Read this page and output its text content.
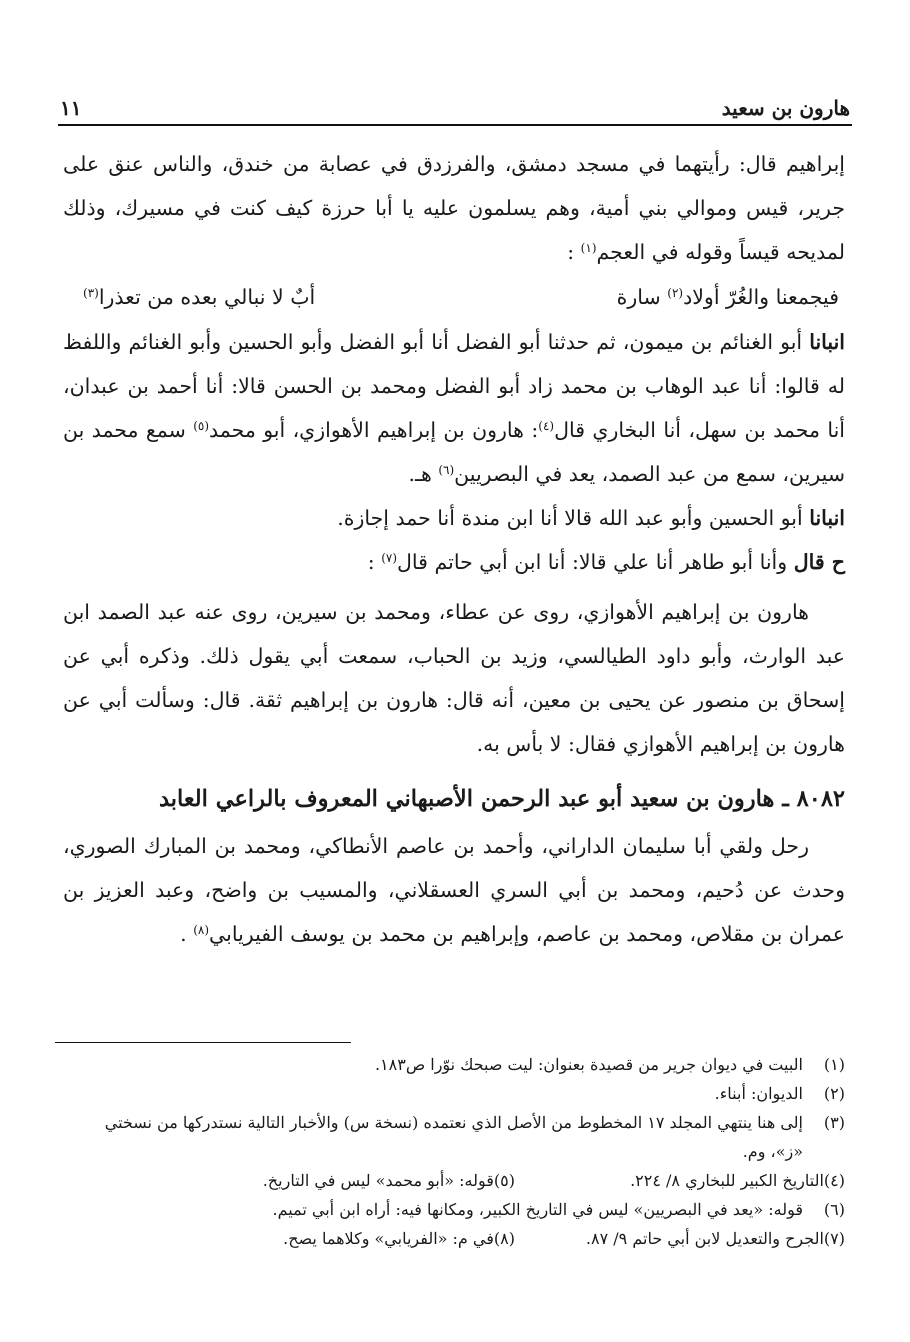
هارون بن سعيد
١١

إبراهيم قال: رأيتهما في مسجد دمشق، والفرزدق في عصابة من خندق، والناس عنق على جرير، قيس وموالي بني أمية، وهم يسلمون عليه يا أبا حرزة كيف كنت في مسيرك، وذلك لمديحه قيساً وقوله في العجم$^{(١)}$ :

فيجمعنا والغُرّ أولاد$^{(٢)}$ سارة
أبٌ لا نبالي بعده من تعذرا$^{(٣)}$

انبانا أبو الغنائم بن ميمون، ثم حدثنا أبو الفضل أنا أبو الفضل وأبو الحسين وأبو الغنائم واللفظ له قالوا: أنا عبد الوهاب بن محمد زاد أبو الفضل ومحمد بن الحسن قالا: أنا أحمد بن عبدان، أنا محمد بن سهل، أنا البخاري قال$^{(٤)}$: هارون بن إبراهيم الأهوازي، أبو محمد$^{(٥)}$ سمع محمد بن سيرين، سمع من عبد الصمد، يعد في البصريين$^{(٦)}$ هـ.

انبانا أبو الحسين وأبو عبد الله قالا أنا ابن مندة أنا حمد إجازة.

ح قال وأنا أبو طاهر أنا علي قالا: أنا ابن أبي حاتم قال$^{(٧)}$ :

هارون بن إبراهيم الأهوازي، روى عن عطاء، ومحمد بن سيرين، روى عنه عبد الصمد ابن عبد الوارث، وأبو داود الطيالسي، وزيد بن الحباب، سمعت أبي يقول ذلك. وذكره أبي عن إسحاق بن منصور عن يحيى بن معين، أنه قال: هارون بن إبراهيم ثقة. قال: وسألت أبي عن هارون بن إبراهيم الأهوازي فقال: لا بأس به.

٨٠٨٢ ـ هارون بن سعيد أبو عبد الرحمن الأصبهاني المعروف بالراعي العابد

رحل ولقي أبا سليمان الداراني، وأحمد بن عاصم الأنطاكي، ومحمد بن المبارك الصوري، وحدث عن دُحيم، ومحمد بن أبي السري العسقلاني، والمسيب بن واضح، وعبد العزيز بن عمران بن مقلاص، ومحمد بن عاصم، وإبراهيم بن محمد بن يوسف الفيريابي$^{(٨)}$ .

(١)
البيت في ديوان جرير من قصيدة بعنوان: ليت صبحك نوّرا ص١٨٣.
(٢)
الديوان: أبناء.
(٣)
إلى هنا ينتهي المجلد ١٧ المخطوط من الأصل الذي نعتمده (نسخة س) والأخبار التالية نستدركها من نسختي
«ز»، وم.
(٤)
التاريخ الكبير للبخاري ٨/ ٢٢٤.
(٥)
قوله: «أبو محمد» ليس في التاريخ.
(٦)
قوله: «يعد في البصريين» ليس في التاريخ الكبير، ومكانها فيه: أراه ابن أبي تميم.
(٧)
الجرح والتعديل لابن أبي حاتم ٩/ ٨٧.
(٨)
في م: «الفريابي» وكلاهما يصح.
